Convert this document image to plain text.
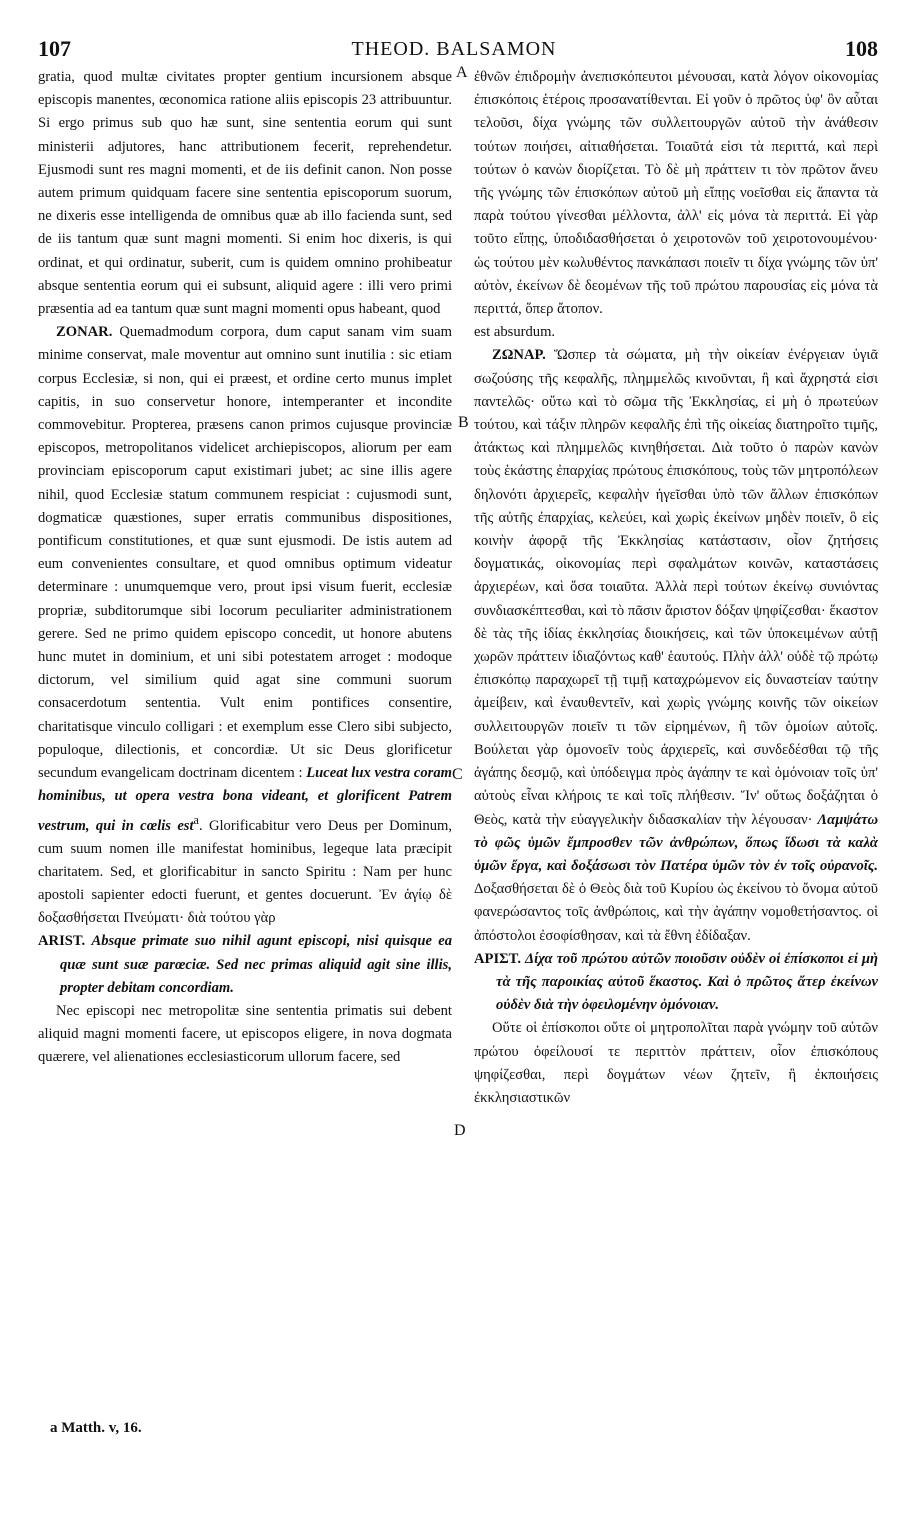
107	THEOD. BALSAMON	108
A
B
C
D

gratia, quod multæ civitates propter gentium incursionem absque episcopis manentes, œconomica ratione aliis episcopis 23 attribuuntur. Si ergo primus sub quo hæ sunt, sine sententia eorum qui sunt ministerii adjutores, hanc attributionem fecerit, reprehendetur. Ejusmodi sunt res magni momenti, et de iis definit canon. Non posse autem primum quidquam facere sine sententia episcoporum suorum, ne dixeris esse intelligenda de omnibus quæ ab illo facienda sunt, sed de iis tantum quæ sunt magni momenti. Si enim hoc dixeris, is qui ordinat, et qui ordinatur, suberit, cum is quidem omnino prohibeatur absque sententia eorum qui ei subsunt, aliquid agere : illi vero primi præsentia ad ea tantum quæ sunt magni momenti opus habeant, quod

ZONAR. Quemadmodum corpora, dum caput sanam vim suam minime conservat, male moventur aut omnino sunt inutilia : sic etiam corpus Ecclesiæ, si non, qui ei præest, et ordine certo munus implet capitis, in suo conservetur honore, intemperanter et incondite commovebitur. Propterea, præsens canon primos cujusque provinciæ episcopos, metropolitanos videlicet archiepiscopos, aliorum per eam provinciam episcoporum caput existimari jubet; ac sine illis agere nihil, quod Ecclesiæ statum communem respiciat : cujusmodi sunt, dogmaticæ quæstiones, super erratis communibus dispositiones, pontificum constitutiones, et quæ sunt ejusmodi. De istis autem ad eum convenientes consultare, et quod omnibus optimum videatur determinare : unumquemque vero, prout ipsi visum fuerit, ecclesiæ propriæ, subditorumque sibi locorum peculiariter administrationem gerere. Sed ne primo quidem episcopo concedit, ut honore abutens hunc mutet in dominium, et uni sibi potestatem arroget : modoque dictorum, vel similium quid agat sine communi suorum consacerdotum sententia. Vult enim pontifices consentire, charitatisque vinculo colligari : et exemplum esse Clero sibi subjecto, populoque, dilectionis, et concordiæ. Ut sic Deus glorificetur secundum evangelicam doctrinam dicentem : Luceat lux vestra coram hominibus, ut opera vestra bona videant, et glorificent Patrem vestrum, qui in cœlis est$^a$. Glorificabitur vero Deus per Dominum, cum suum nomen ille manifestat hominibus, legeque lata præcipit charitatem. Sed, et glorificabitur in sancto Spiritu : Nam per hunc apostoli sapienter edocti fuerunt, et gentes docuerunt. Ἐν ἁγίῳ δὲ δοξασθήσεται Πνεύματι· διὰ τούτου γὰρ

ARIST. Absque primate suo nihil agunt episcopi, nisi quisque ea quæ sunt suæ parœciæ. Sed nec primas aliquid agit sine illis, propter debitam concordiam.

Nec episcopi nec metropolitæ sine sententia primatis sui debent aliquid magni momenti facere, ut episcopos eligere, in nova dogmata quærere, vel alienationes ecclesiasticorum ullorum facere, sed

ἐθνῶν ἐπιδρομὴν ἀνεπισκόπευτοι μένουσαι, κατὰ λόγον οἰκονομίας ἐπισκόποις ἑτέροις προσανατίθενται. Εἰ γοῦν ὁ πρῶτος ὑφ' ὃν αὗται τελοῦσι, δίχα γνώμης τῶν συλλειτουργῶν αὐτοῦ τὴν ἀνάθεσιν τούτων ποιήσει, αἰτιαθήσεται. Τοιαῦτά εἰσι τὰ περιττά, καὶ περὶ τούτων ὁ κανὼν διορίζεται. Τὸ δὲ μὴ πράττειν τι τὸν πρῶτον ἄνευ τῆς γνώμης τῶν ἐπισκόπων αὐτοῦ μὴ εἴπῃς νοεῖσθαι εἰς ἅπαντα τὰ παρὰ τούτου γίνεσθαι μέλλοντα, ἀλλ' εἰς μόνα τὰ περιττά. Εἰ γὰρ τοῦτο εἴπῃς, ὑποδιδασθήσεται ὁ χειροτονῶν τοῦ χειροτονουμένου· ὡς τούτου μὲν κωλυθέντος πανκάπασι ποιεῖν τι δίχα γνώμης τῶν ὑπ' αὐτὸν, ἐκείνων δὲ δεομένων τῆς τοῦ πρώτου παρουσίας εἰς μόνα τὰ περιττά, ὅπερ ἄτοπον.

est absurdum.

ΖΩΝΑΡ. Ὥσπερ τὰ σώματα, μὴ τὴν οἰκείαν ἐνέργειαν ὑγιᾶ σωζούσης τῆς κεφαλῆς, πλημμελῶς κινοῦνται, ἢ καὶ ἄχρηστά εἰσι παντελῶς· οὕτω καὶ τὸ σῶμα τῆς Ἐκκλησίας, εἰ μὴ ὁ πρωτεύων τούτου, καὶ τάξιν πληρῶν κεφαλῆς ἐπὶ τῆς οἰκείας διατηροῖτο τιμῆς, ἀτάκτως καὶ πλημμελῶς κινηθήσεται. Διὰ τοῦτο ὁ παρὼν κανὼν τοὺς ἑκάστης ἐπαρχίας πρώτους ἐπισκόπους, τοὺς τῶν μητροπόλεων δηλονότι ἀρχιερεῖς, κεφαλὴν ἡγεῖσθαι ὑπὸ τῶν ἄλλων ἐπισκόπων τῆς αὐτῆς ἐπαρχίας, κελεύει, καὶ χωρὶς ἐκείνων μηδὲν ποιεῖν, ὃ εἰς κοινὴν ἀφορᾷ τῆς Ἐκκλησίας κατάστασιν, οἷον ζητήσεις δογματικάς, οἰκονομίας περὶ σφαλμάτων κοινῶν, καταστάσεις ἀρχιερέων, καὶ ὅσα τοιαῦτα. Ἀλλὰ περὶ τούτων ἐκείνῳ συνιόντας συνδιασκέπτεσθαι, καὶ τὸ πᾶσιν ἄριστον δόξαν ψηφίζεσθαι· ἕκαστον δὲ τὰς τῆς ἰδίας ἐκκλησίας διοικήσεις, καὶ τῶν ὑποκειμένων αὐτῇ χωρῶν πράττειν ἰδιαζόντως καθ' ἑαυτούς. Πλὴν ἀλλ' οὐδὲ τῷ πρώτῳ ἐπισκόπῳ παραχωρεῖ τῇ τιμῇ καταχρώμενον εἰς δυναστείαν ταύτην ἀμείβειν, καὶ ἐναυθεντεῖν, καὶ χωρὶς γνώμης κοινῆς τῶν οἰκείων συλλειτουργῶν ποιεῖν τι τῶν εἰρημένων, ἢ τῶν ὁμοίων αὐτοῖς. Βούλεται γὰρ ὁμονοεῖν τοὺς ἀρχιερεῖς, καὶ συνδεδέσθαι τῷ τῆς ἀγάπης δεσμῷ, καὶ ὑπόδειγμα πρὸς ἀγάπην τε καὶ ὁμόνοιαν τοῖς ὑπ' αὐτοὺς εἶναι κλήροις τε καὶ τοῖς πλήθεσιν. Ἵν' οὕτως δοξάζηται ὁ Θεὸς, κατὰ τὴν εὐαγγελικὴν διδασκαλίαν τὴν λέγουσαν· Λαμψάτω τὸ φῶς ὑμῶν ἔμπροσθεν τῶν ἀνθρώπων, ὅπως ἴδωσι τὰ καλὰ ὑμῶν ἔργα, καὶ δοξάσωσι τὸν Πατέρα ὑμῶν τὸν ἐν τοῖς οὐρανοῖς. Δοξασθήσεται δὲ ὁ Θεὸς διὰ τοῦ Κυρίου ὡς ἐκείνου τὸ ὄνομα αὐτοῦ φανερώσαντος τοῖς ἀνθρώποις, καὶ τὴν ἀγάπην νομοθετήσαντος. οἱ ἀπόστολοι ἐσοφίσθησαν, καὶ τὰ ἔθνη ἐδίδαξαν.

ΑΡΙΣΤ. Δίχα τοῦ πρώτου αὐτῶν ποιοῦσιν οὐδὲν οἱ ἐπίσκοποι εἰ μὴ τὰ τῆς παροικίας αὐτοῦ ἕκαστος. Καὶ ὁ πρῶτος ἄτερ ἐκείνων οὐδὲν διὰ τὴν ὀφειλομένην ὁμόνοιαν.

Οὔτε οἱ ἐπίσκοποι οὔτε οἱ μητροπολῖται παρὰ γνώμην τοῦ αὐτῶν πρώτου ὀφείλουσί τε περιττὸν πράττειν, οἷον ἐπισκόπους ψηφίζεσθαι, περὶ δογμάτων νέων ζητεῖν, ἢ ἐκποιήσεις ἐκκλησιαστικῶν

a Matth. v, 16.
